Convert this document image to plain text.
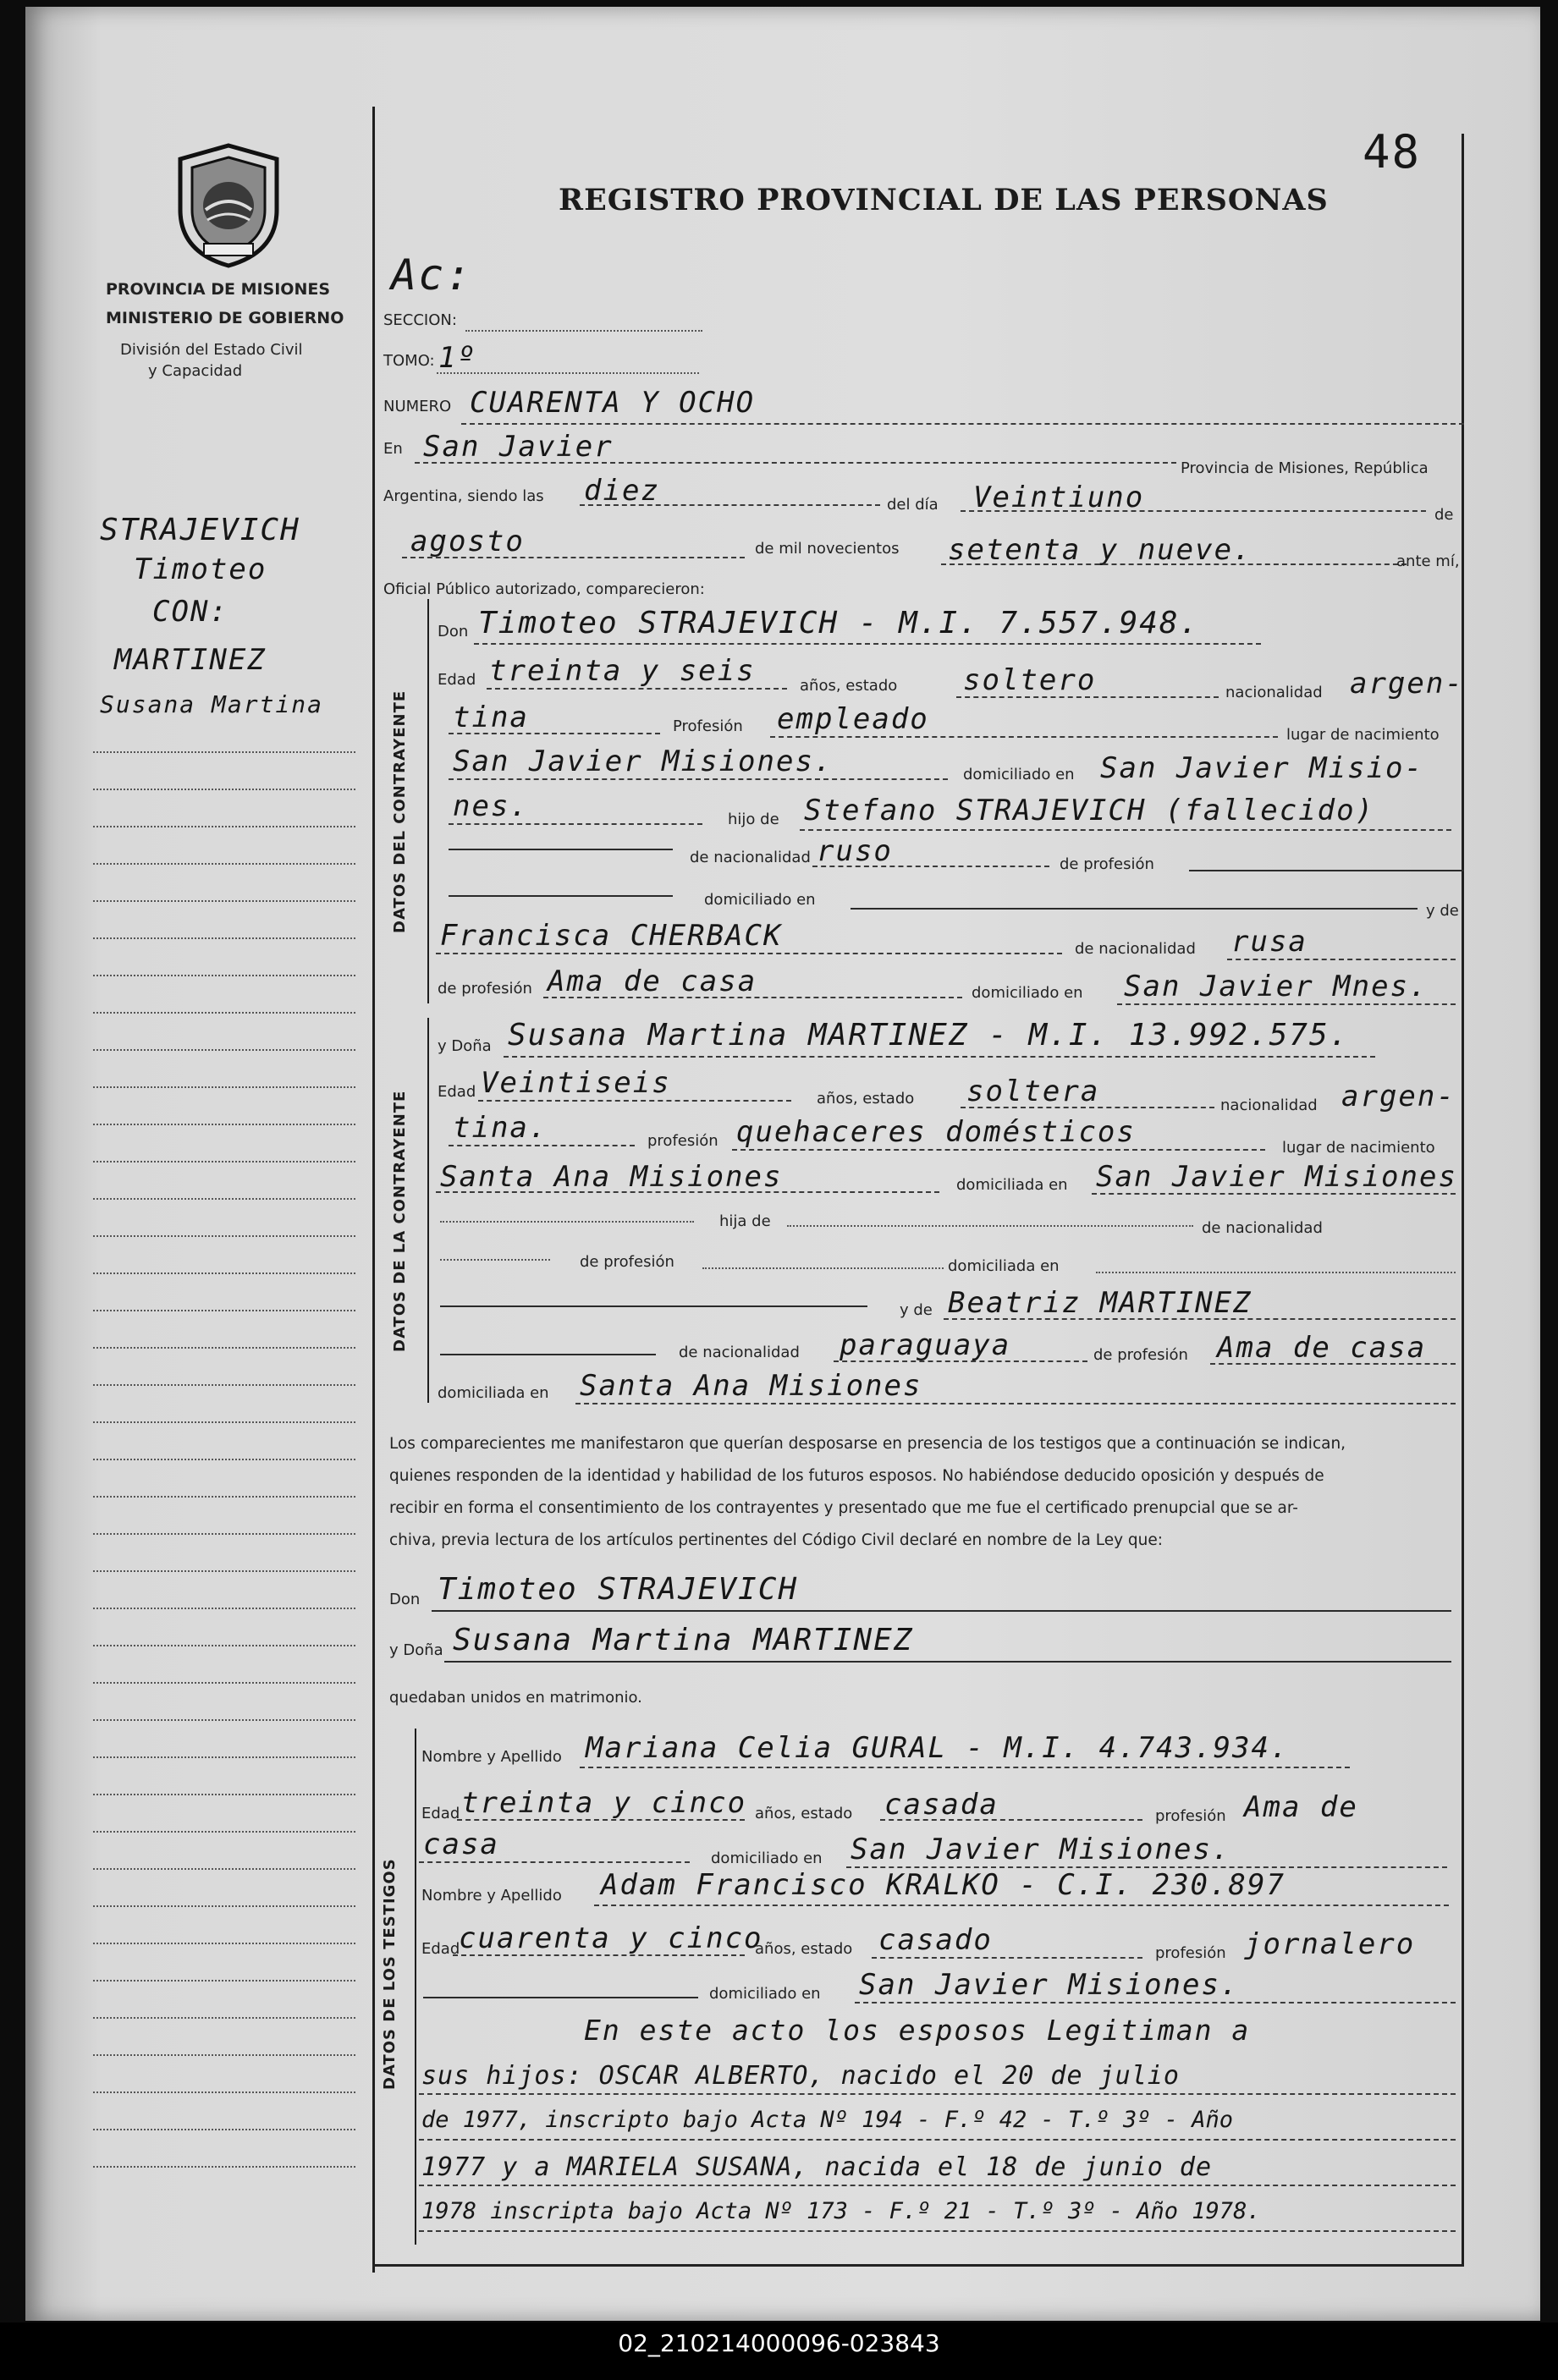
48
REGISTRO PROVINCIAL DE LAS PERSONAS
PROVINCIA DE MISIONES
MINISTERIO DE GOBIERNO
División del Estado Civil
y Capacidad
STRAJEVICH
Timoteo
CON:
MARTINEZ
Susana Martina
Ac:
SECCION:
TOMO: 1º
NUMERO CUARENTA Y OCHO
En San Javier
Provincia de Misiones, República
Argentina, siendo las diez	del día Veintiuno
de
agosto	de mil novecientos setenta y nueve.	ante mí,
Oficial Público autorizado, comparecieron:
DATOS DEL CONTRAYENTE
Don Timoteo STRAJEVICH - M.I. 7.557.948.
Edad treinta y seis	años, estado soltero	nacionalidad argen-
tina	Profesión empleado	lugar de nacimiento
San Javier Misiones.	domiciliado en San Javier Misio-
nes.	hijo de Stefano STRAJEVICH (fallecido)
de nacionalidad ruso	de profesión
domiciliado en
y de
Francisca CHERBACK	de nacionalidad rusa
de profesión Ama de casa	domiciliado en San Javier Mnes.
DATOS DE LA CONTRAYENTE
y Doña Susana Martina MARTINEZ - M.I. 13.992.575.
Edad Veintiseis	años, estado soltera	nacionalidad argen-
tina.	profesión quehaceres domésticos	lugar de nacimiento
Santa Ana Misiones	domiciliada en San Javier Misiones
hija de	de nacionalidad
de profesión	domiciliada en
y de Beatriz MARTINEZ
de nacionalidad paraguaya	de profesión Ama de casa
domiciliada en Santa Ana Misiones
Los comparecientes me manifestaron que querían desposarse en presencia de los testigos que a continuación se indican,
quienes responden de la identidad y habilidad de los futuros esposos. No habiéndose deducido oposición y después de
recibir en forma el consentimiento de los contrayentes y presentado que me fue el certificado prenupcial que se ar-
chiva, previa lectura de los artículos pertinentes del Código Civil declaré en nombre de la Ley que:
Don Timoteo STRAJEVICH
y Doña Susana Martina MARTINEZ
quedaban unidos en matrimonio.
DATOS DE LOS TESTIGOS
Nombre y Apellido Mariana Celia GURAL - M.I. 4.743.934.
Edad treinta y cinco años, estado casada	profesión Ama de
casa	domiciliado en San Javier Misiones.
Nombre y Apellido Adam Francisco KRALKO - C.I. 230.897
Edad
cuarenta y cinco
años, estado casado	profesión jornalero
domiciliado en San Javier Misiones.
En este acto los esposos Legitiman a
sus hijos: OSCAR ALBERTO, nacido el 20 de julio
de 1977, inscripto bajo Acta Nº 194 - F.º 42 - T.º 3º - Año
1977 y a MARIELA SUSANA, nacida el 18 de junio de
1978 inscripta bajo Acta Nº 173 - F.º 21 - T.º 3º - Año 1978.
02_210214000096-023843
